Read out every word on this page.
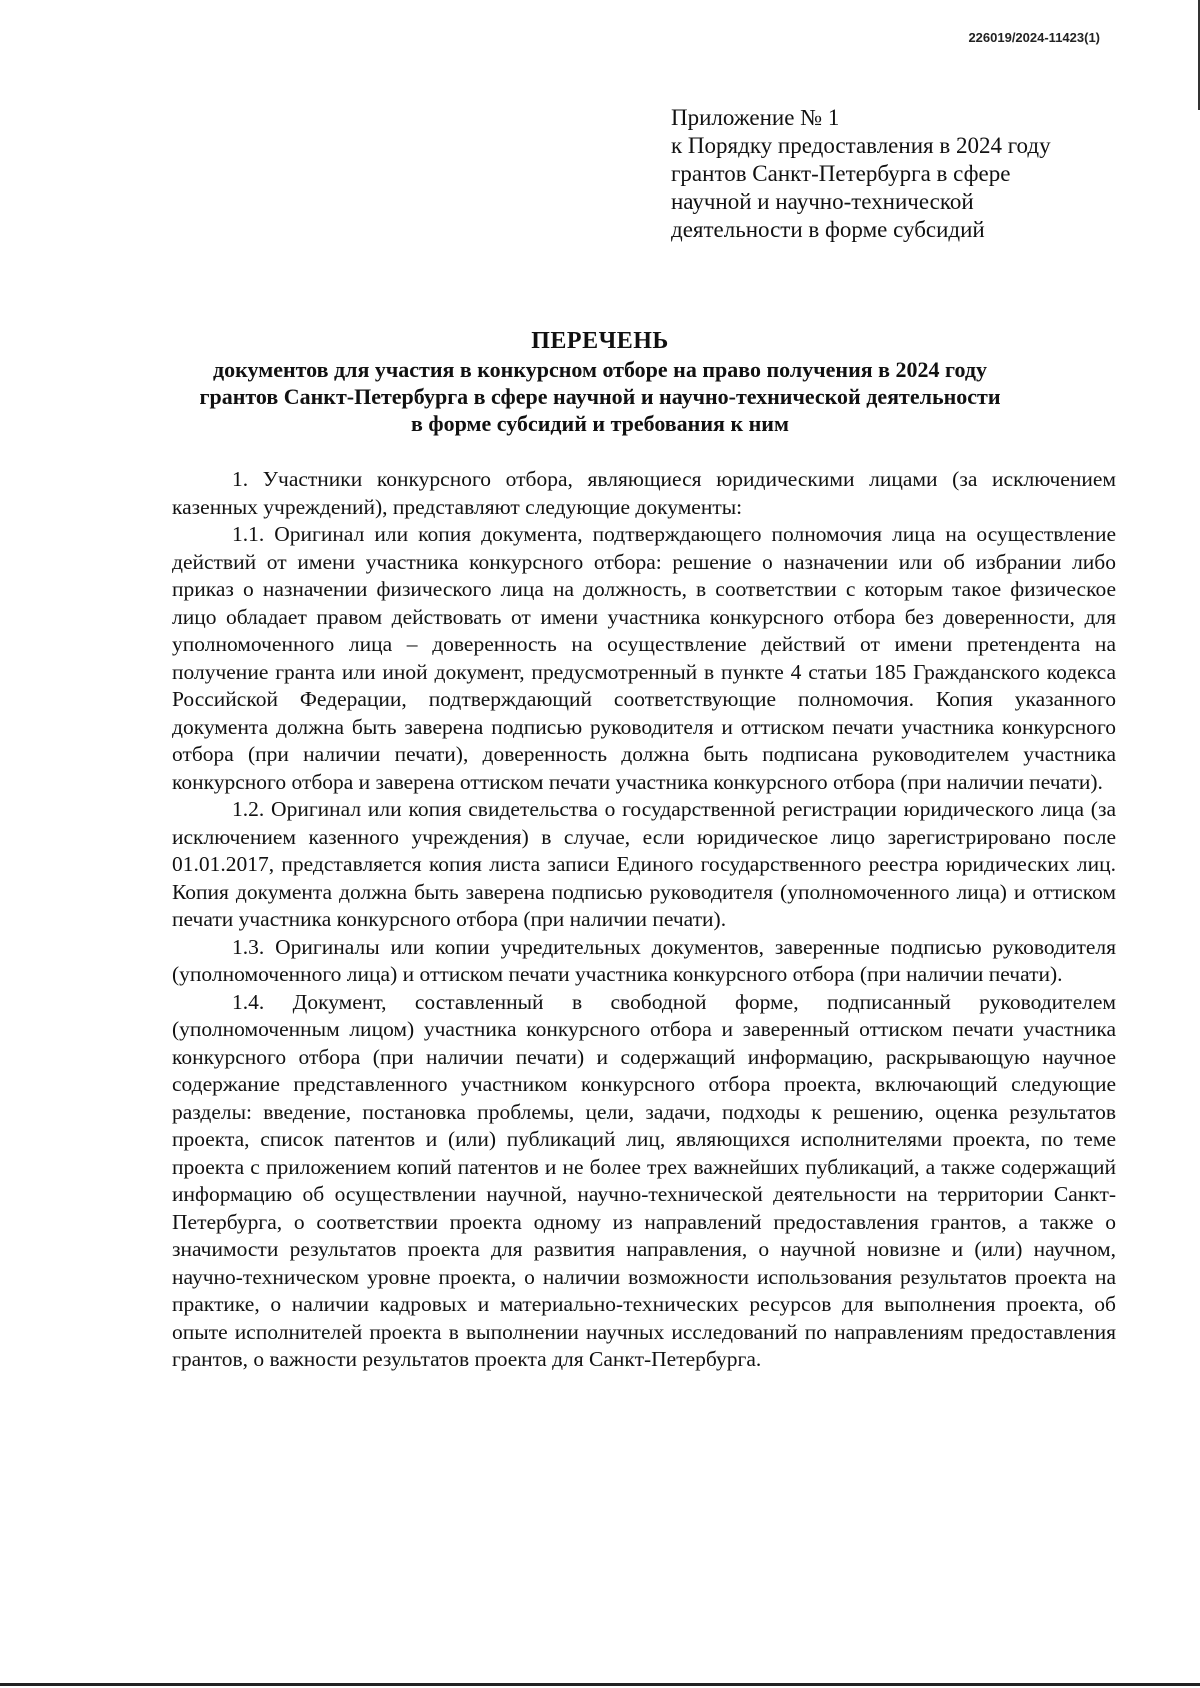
226019/2024-11423(1)
Приложение № 1
к Порядку предоставления в 2024 году
грантов Санкт-Петербурга в сфере
научной и научно-технической
деятельности в форме субсидий
ПЕРЕЧЕНЬ
документов для участия в конкурсном отборе на право получения в 2024 году
грантов Санкт-Петербурга в сфере научной и научно-технической деятельности
в форме субсидий и требования к ним

1. Участники конкурсного отбора, являющиеся юридическими лицами (за исключением казенных учреждений), представляют следующие документы:

1.1. Оригинал или копия документа, подтверждающего полномочия лица на осуществление действий от имени участника конкурсного отбора: решение о назначении или об избрании либо приказ о назначении физического лица на должность, в соответствии с которым такое физическое лицо обладает правом действовать от имени участника конкурсного отбора без доверенности, для уполномоченного лица – доверенность на осуществление действий от имени претендента на получение гранта или иной документ, предусмотренный в пункте 4 статьи 185 Гражданского кодекса Российской Федерации, подтверждающий соответствующие полномочия. Копия указанного документа должна быть заверена подписью руководителя и оттиском печати участника конкурсного отбора (при наличии печати), доверенность должна быть подписана руководителем участника конкурсного отбора и заверена оттиском печати участника конкурсного отбора (при наличии печати).

1.2. Оригинал или копия свидетельства о государственной регистрации юридического лица (за исключением казенного учреждения) в случае, если юридическое лицо зарегистрировано после 01.01.2017, представляется копия листа записи Единого государственного реестра юридических лиц. Копия документа должна быть заверена подписью руководителя (уполномоченного лица) и оттиском печати участника конкурсного отбора (при наличии печати).

1.3. Оригиналы или копии учредительных документов, заверенные подписью руководителя (уполномоченного лица) и оттиском печати участника конкурсного отбора (при наличии печати).

1.4. Документ, составленный в свободной форме, подписанный руководителем (уполномоченным лицом) участника конкурсного отбора и заверенный оттиском печати участника конкурсного отбора (при наличии печати) и содержащий информацию, раскрывающую научное содержание представленного участником конкурсного отбора проекта, включающий следующие разделы: введение, постановка проблемы, цели, задачи, подходы к решению, оценка результатов проекта, список патентов и (или) публикаций лиц, являющихся исполнителями проекта, по теме проекта с приложением копий патентов и не более трех важнейших публикаций, а также содержащий информацию об осуществлении научной, научно-технической деятельности на территории Санкт-Петербурга, о соответствии проекта одному из направлений предоставления грантов, а также о значимости результатов проекта для развития направления, о научной новизне и (или) научном, научно-техническом уровне проекта, о наличии возможности использования результатов проекта на практике, о наличии кадровых и материально-технических ресурсов для выполнения проекта, об опыте исполнителей проекта в выполнении научных исследований по направлениям предоставления грантов, о важности результатов проекта для Санкт-Петербурга.
